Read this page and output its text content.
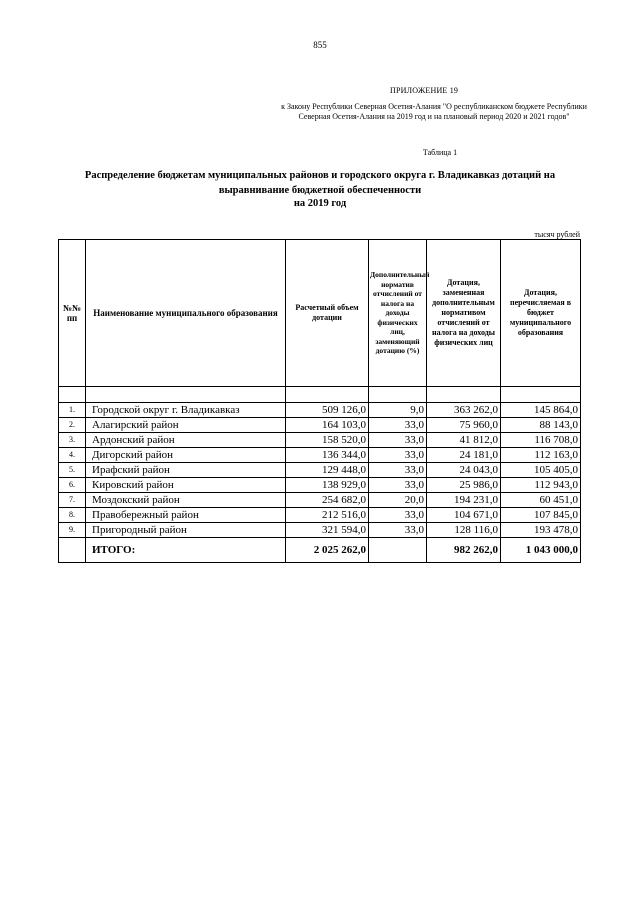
855
ПРИЛОЖЕНИЕ 19
к Закону Республики Северная Осетия-Алания "О республиканском бюджете Республики Северная Осетия-Алания на 2019 год и на плановый период 2020 и 2021 годов"
Таблица 1
Распределение бюджетам муниципальных районов и городского округа г. Владикавказ дотаций на выравнивание бюджетной обеспеченности
на 2019 год
тысяч рублей
№№ пп	Наименование муниципального образования	Расчетный объем дотации	Дополнительный норматив отчислений от налога на доходы физических лиц, заменяющий дотацию (%)	Дотация, замененная дополнительным нормативом отчислений от налога на доходы физических лиц	Дотация, перечисляемая в бюджет муниципального образования

1.	Городской округ г. Владикавказ	509 126,0	9,0	363 262,0	145 864,0
2.	Алагирский район	164 103,0	33,0	75 960,0	88 143,0
3.	Ардонский район	158 520,0	33,0	41 812,0	116 708,0
4.	Дигорский район	136 344,0	33,0	24 181,0	112 163,0
5.	Ирафский район	129 448,0	33,0	24 043,0	105 405,0
6.	Кировский район	138 929,0	33,0	25 986,0	112 943,0
7.	Моздокский район	254 682,0	20,0	194 231,0	60 451,0
8.	Правобережный район	212 516,0	33,0	104 671,0	107 845,0
9.	Пригородный район	321 594,0	33,0	128 116,0	193 478,0
	ИТОГО:	2 025 262,0		982 262,0	1 043 000,0
